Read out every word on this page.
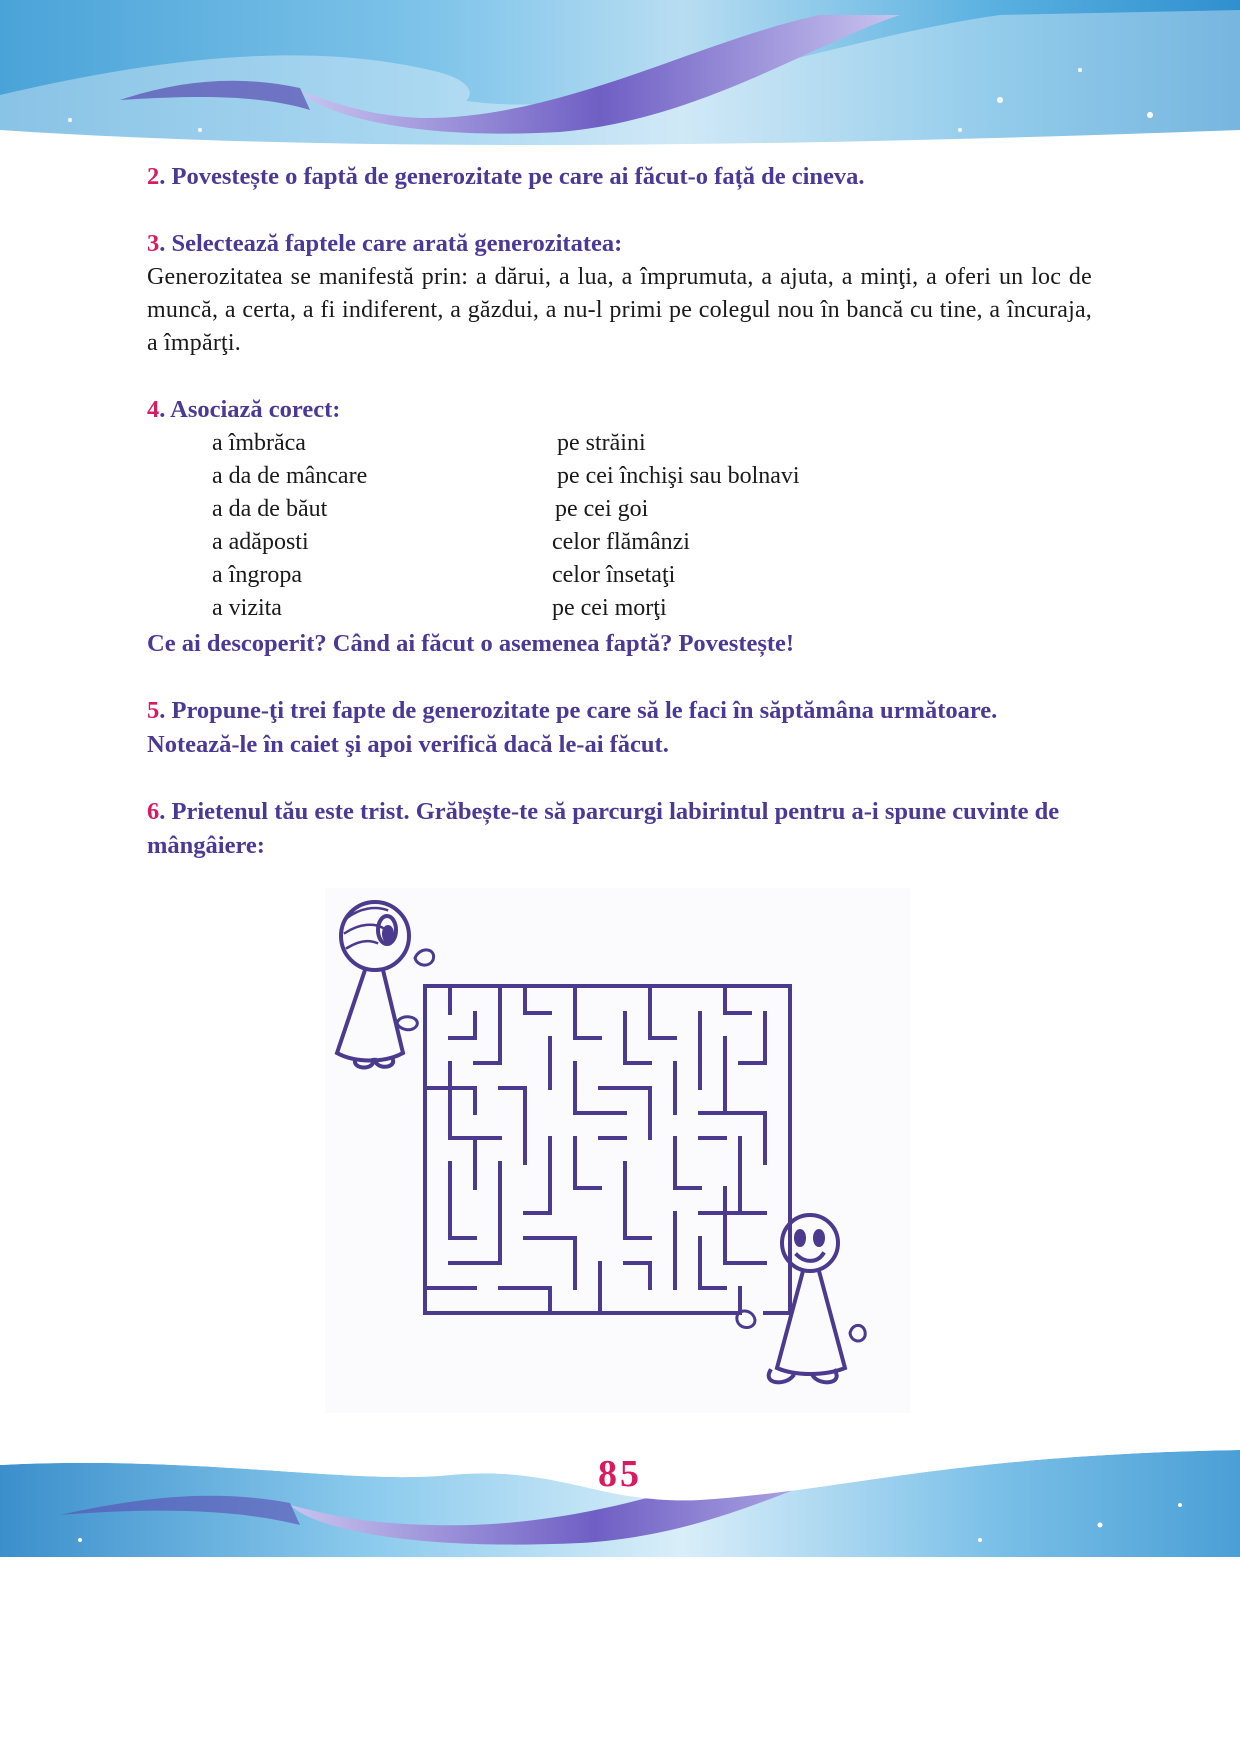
2. Povestește o faptă de generozitate pe care ai făcut-o față de cineva.

3. Selectează faptele care arată generozitatea:

Generozitatea se manifestă prin: a dărui, a lua, a împrumuta, a ajuta, a minţi, a oferi un loc de muncă, a certa, a fi indiferent, a găzdui, a nu-l primi pe colegul nou în bancă cu tine, a încuraja, a împărţi.

4. Asociază corect:

a îmbrăca	pe străini
a da de mâncare	pe cei închişi sau bolnavi
a da de băut	pe cei goi
a adăposti	celor flămânzi
a îngropa	celor însetaţi
a vizita	pe cei morţi

Ce ai descoperit? Când ai făcut o asemenea faptă? Povestește!

5. Propune-ţi trei fapte de generozitate pe care să le faci în săptămâna următoare. Notează-le în caiet şi apoi verifică dacă le-ai făcut.

6. Prietenul tău este trist. Grăbește-te să parcurgi labirintul pentru a-i spune cuvinte de mângâiere:

85
